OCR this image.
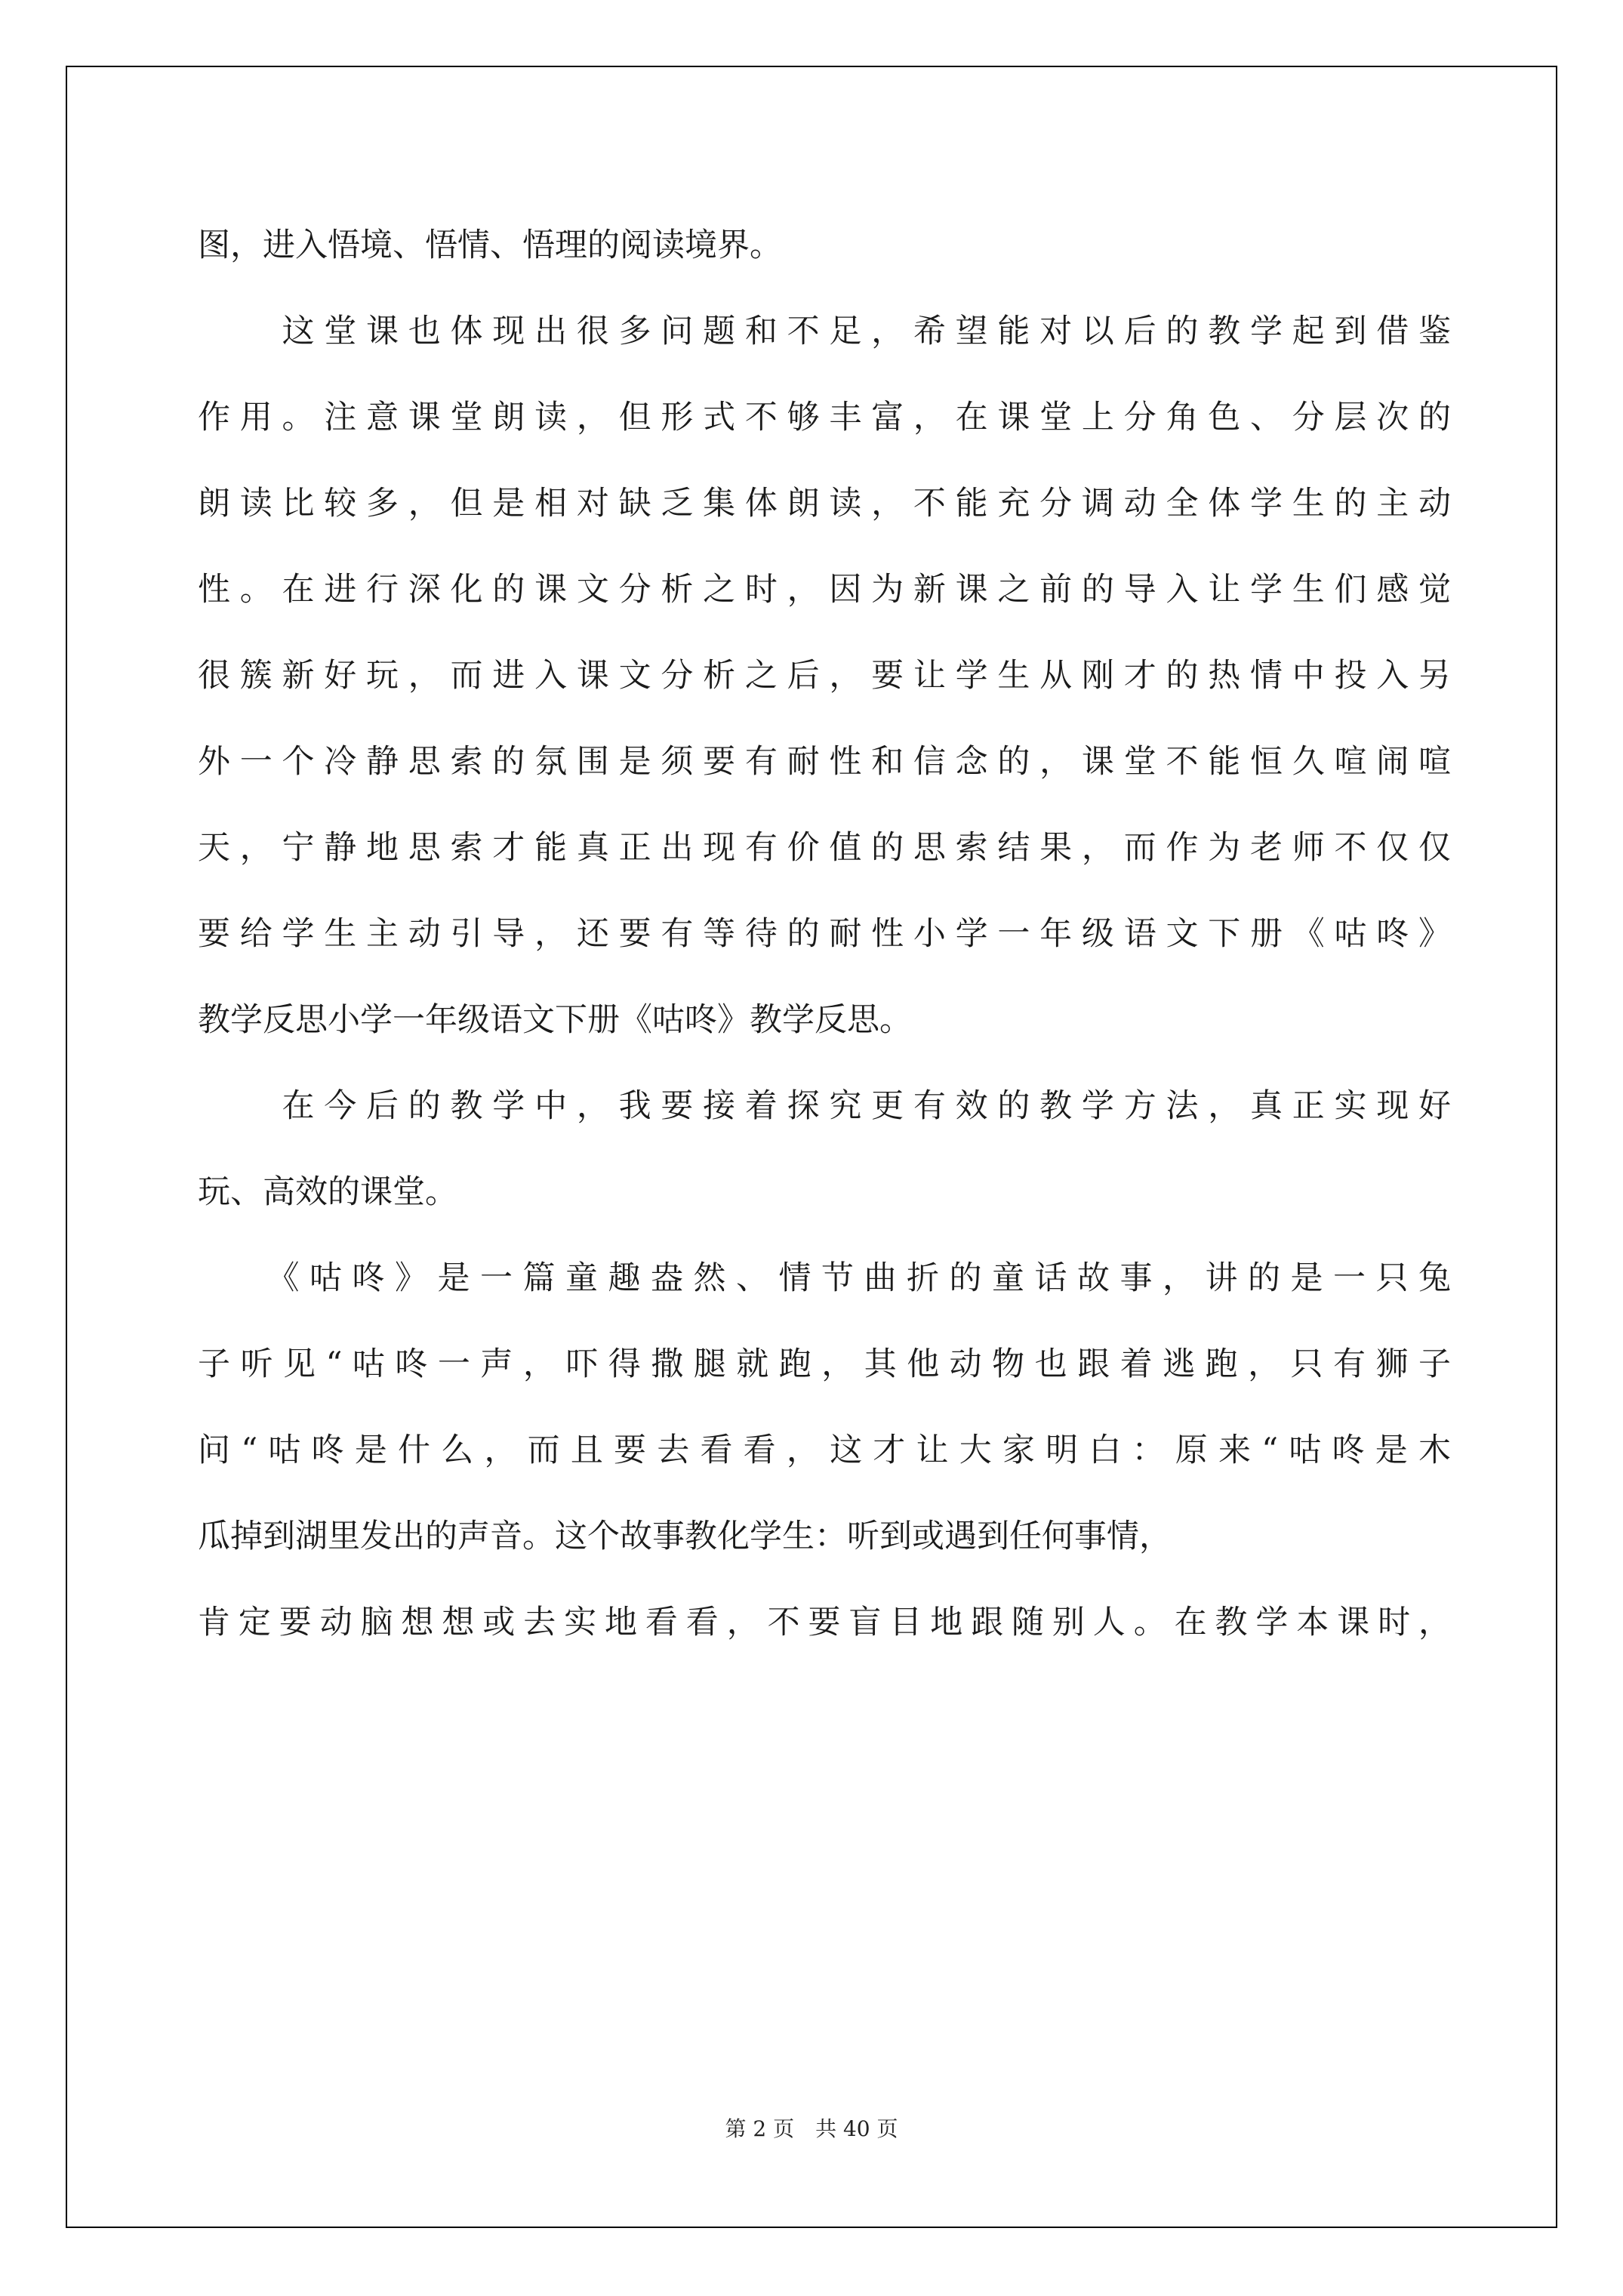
图，进入悟境、悟情、悟理的阅读境界。
　　这堂课也体现出很多问题和不足，希望能对以后的教学起到借鉴
作用。注意课堂朗读，但形式不够丰富，在课堂上分角色、分层次的
朗读比较多，但是相对缺乏集体朗读，不能充分调动全体学生的主动
性。在进行深化的课文分析之时，因为新课之前的导入让学生们感觉
很簇新好玩，而进入课文分析之后，要让学生从刚才的热情中投入另
外一个冷静思索的氛围是须要有耐性和信念的，课堂不能恒久喧闹喧
天，宁静地思索才能真正出现有价值的思索结果，而作为老师不仅仅
要给学生主动引导，还要有等待的耐性小学一年级语文下册《咕咚》
教学反思小学一年级语文下册《咕咚》教学反思。
　　在今后的教学中，我要接着探究更有效的教学方法，真正实现好
玩、高效的课堂。
　　《咕咚》是一篇童趣盎然、情节曲折的童话故事，讲的是一只兔
子听见“咕咚一声，吓得撒腿就跑，其他动物也跟着逃跑，只有狮子
问“咕咚是什么，而且要去看看，这才让大家明白：原来“咕咚是木
瓜掉到湖里发出的声音。这个故事教化学生：听到或遇到任何事情，
肯定要动脑想想或去实地看看，不要盲目地跟随别人。在教学本课时，
第 2 页　共 40 页
